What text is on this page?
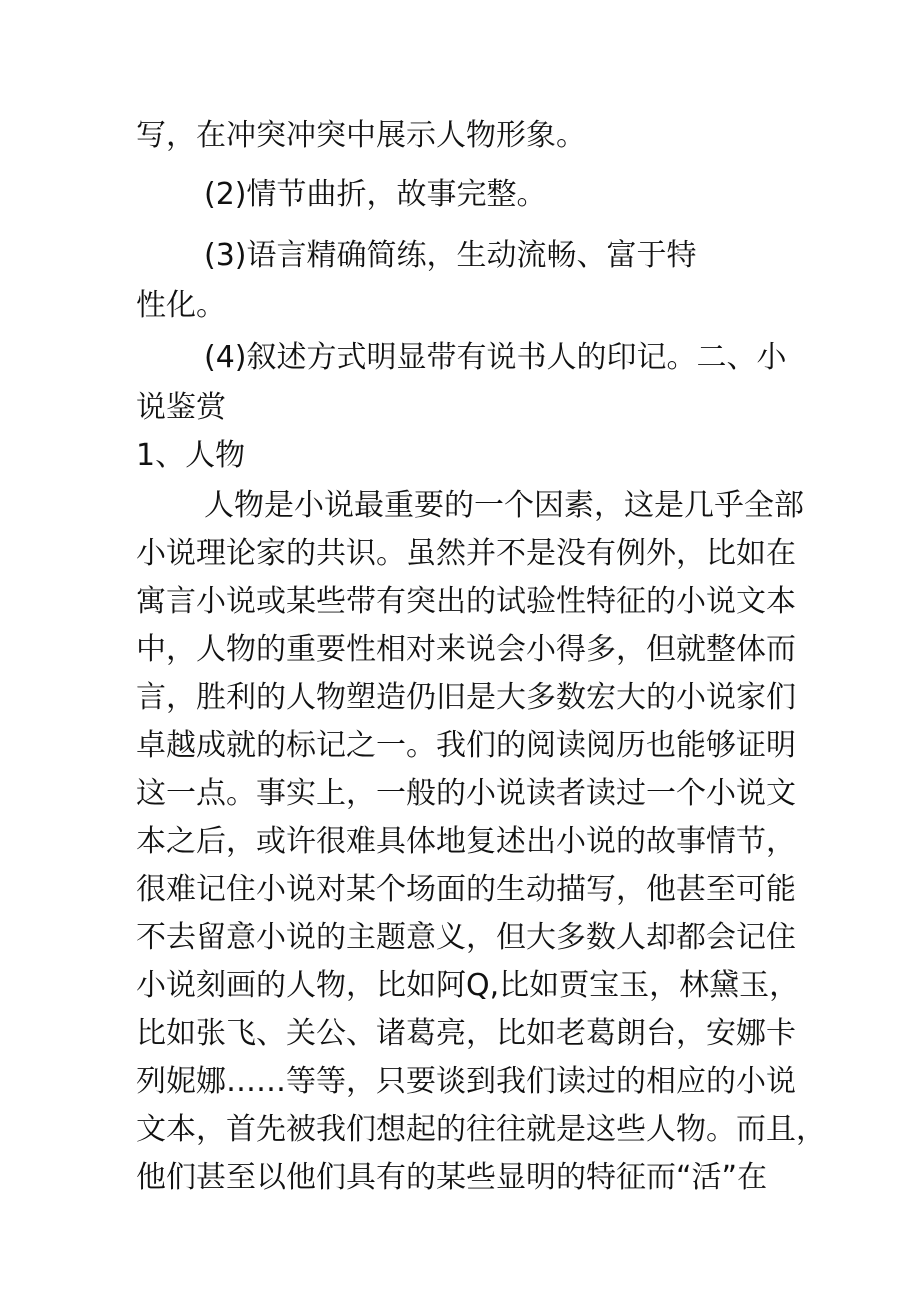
写，在冲突冲突中展示人物形象。
(2)情节曲折，故事完整。
(3)语言精确简练，生动流畅、富于特
性化。
(4)叙述方式明显带有说书人的印记。二、小
说鉴赏
1、人物
人物是小说最重要的一个因素，这是几乎全部
小说理论家的共识。虽然并不是没有例外，比如在
寓言小说或某些带有突出的试验性特征的小说文本
中，人物的重要性相对来说会小得多，但就整体而
言，胜利的人物塑造仍旧是大多数宏大的小说家们
卓越成就的标记之一。我们的阅读阅历也能够证明
这一点。事实上，一般的小说读者读过一个小说文
本之后，或许很难具体地复述出小说的故事情节，
很难记住小说对某个场面的生动描写，他甚至可能
不去留意小说的主题意义，但大多数人却都会记住
小说刻画的人物，比如阿Q,比如贾宝玉，林黛玉，
比如张飞、关公、诸葛亮，比如老葛朗台，安娜卡
列妮娜……等等，只要谈到我们读过的相应的小说
文本，首先被我们想起的往往就是这些人物。而且，
他们甚至以他们具有的某些显明的特征而“活”在
